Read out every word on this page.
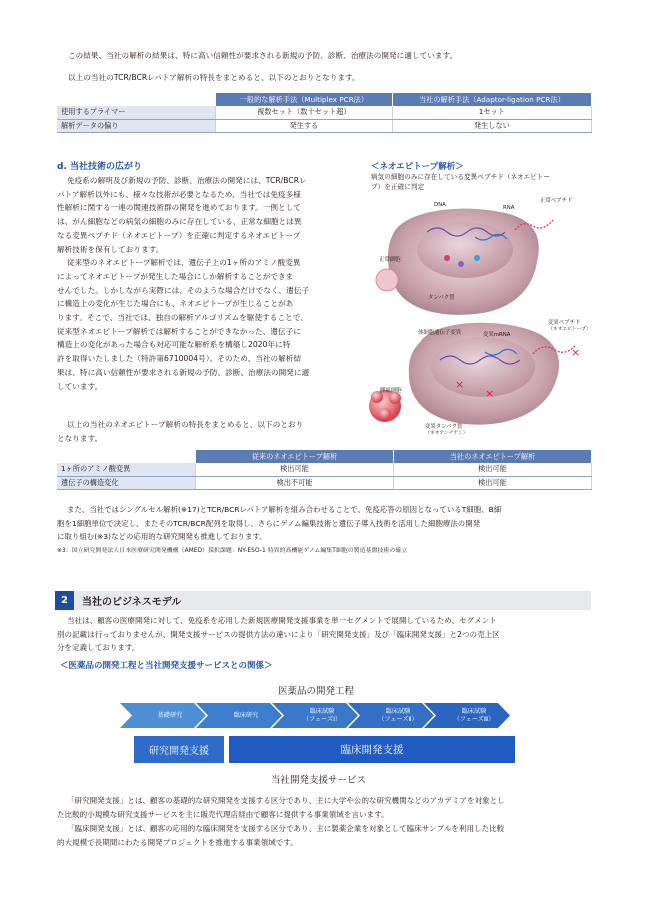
この結果、当社の解析の結果は、特に高い信頼性が要求される新規の予防、診断、治療法の開発に適しています。
以上の当社のTCR/BCRレパトア解析の特長をまとめると、以下のとおりとなります。
	一般的な解析手法（Multiplex PCR法）	当社の解析手法（Adaptor-ligation PCR法）
使用するプライマー	複数セット（数十セット超）	1セット
解析データの偏り	発生する	発生しない
d. 当社技術の広がり
免疫系の解明及び新規の予防、診断、治療法の開発には、TCR/BCRレ
パトア解析以外にも、様々な技術が必要となるため、当社では免疫多様
性解析に関する一連の関連技術群の開発を進めております。一例として
は、がん細胞などの病気の細胞のみに存在している、正常な細胞とは異
なる変異ペプチド（ネオエピトープ）を正確に判定するネオエピトープ
解析技術を保有しております。
従来型のネオエピトープ解析では、遺伝子上の1ヶ所のアミノ酸変異
によってネオエピトープが発生した場合にしか解析することができま
せんでした。しかしながら実際には、そのような場合だけでなく、遺伝子
に構造上の変化が生じた場合にも、ネオエピトープが生じることがあ
ります。そこで、当社では、独自の解析アルゴリズムを駆使することで、
従来型ネオエピトープ解析では解析することができなかった、遺伝子に
構造上の変化があった場合も対応可能な解析系を構築し2020年に特
許を取得いたしました（特許第6710004号）。そのため、当社の解析結
果は、特に高い信頼性が要求される新規の予防、診断、治療法の開発に適
しています。
以上の当社のネオエピトープ解析の特長をまとめると、以下のとおり
となります。
＜ネオエピトープ解析＞
病気の細胞のみに存在している変異ペプチド（ネオエピトー
プ）を正確に判定
×
×
×
DNA	RNA
正常ペプチド
正常細胞
タンパク質
体細胞遺伝子変異	変異mRNA
変異ペプチド
（ネオエピトープ）
腫瘍細胞
変異タンパク質
（ネオアンチゲン）
	従来のネオエピトープ解析	当社のネオエピトープ解析
1ヶ所のアミノ酸変異	検出可能	検出可能
遺伝子の構造変化	検出不可能	検出可能
また、当社ではシングルセル解析(※17)とTCR/BCRレパトア解析を組み合わせることで、免疫応答の原因となっているT細胞、B細
胞を1細胞単位で決定し、またそのTCR/BCR配列を取得し、さらにゲノム編集技術と遺伝子導入技術を活用した細胞療法の開発
に取り組む(※3)などの応用的な研究開発も推進しております。
※3：国立研究開発法人日本医療研究開発機構（AMED）採択課題：NY-ESO-1 特異的高機能ゲノム編集T細胞の製造基盤技術の確立
2	当社のビジネスモデル
当社は、顧客の医療開発に対して、免疫系を応用した新規医療開発支援事業を単一セグメントで展開しているため、セグメント
別の記載は行っておりませんが、開発支援サービスの提供方法の違いにより「研究開発支援」及び「臨床開発支援」と2つの売上区
分を定義しております。
＜医薬品の開発工程と当社開発支援サービスとの関係＞
医薬品の開発工程
基礎研究	臨床研究
臨床試験
（フェーズⅠ）
臨床試験
（フェーズⅡ）
臨床試験
（フェーズⅢ）
研究開発支援	臨床開発支援
当社開発支援サービス
「研究開発支援」とは、顧客の基礎的な研究開発を支援する区分であり、主に大学や公的な研究機関などのアカデミアを対象とし
た比較的小規模な研究支援サービスを主に販売代理店経由で顧客に提供する事業領域を言います。
「臨床開発支援」とは、顧客の応用的な臨床開発を支援する区分であり、主に製薬企業を対象として臨床サンプルを利用した比較
的大規模で長期間にわたる開発プロジェクトを推進する事業領域です。
